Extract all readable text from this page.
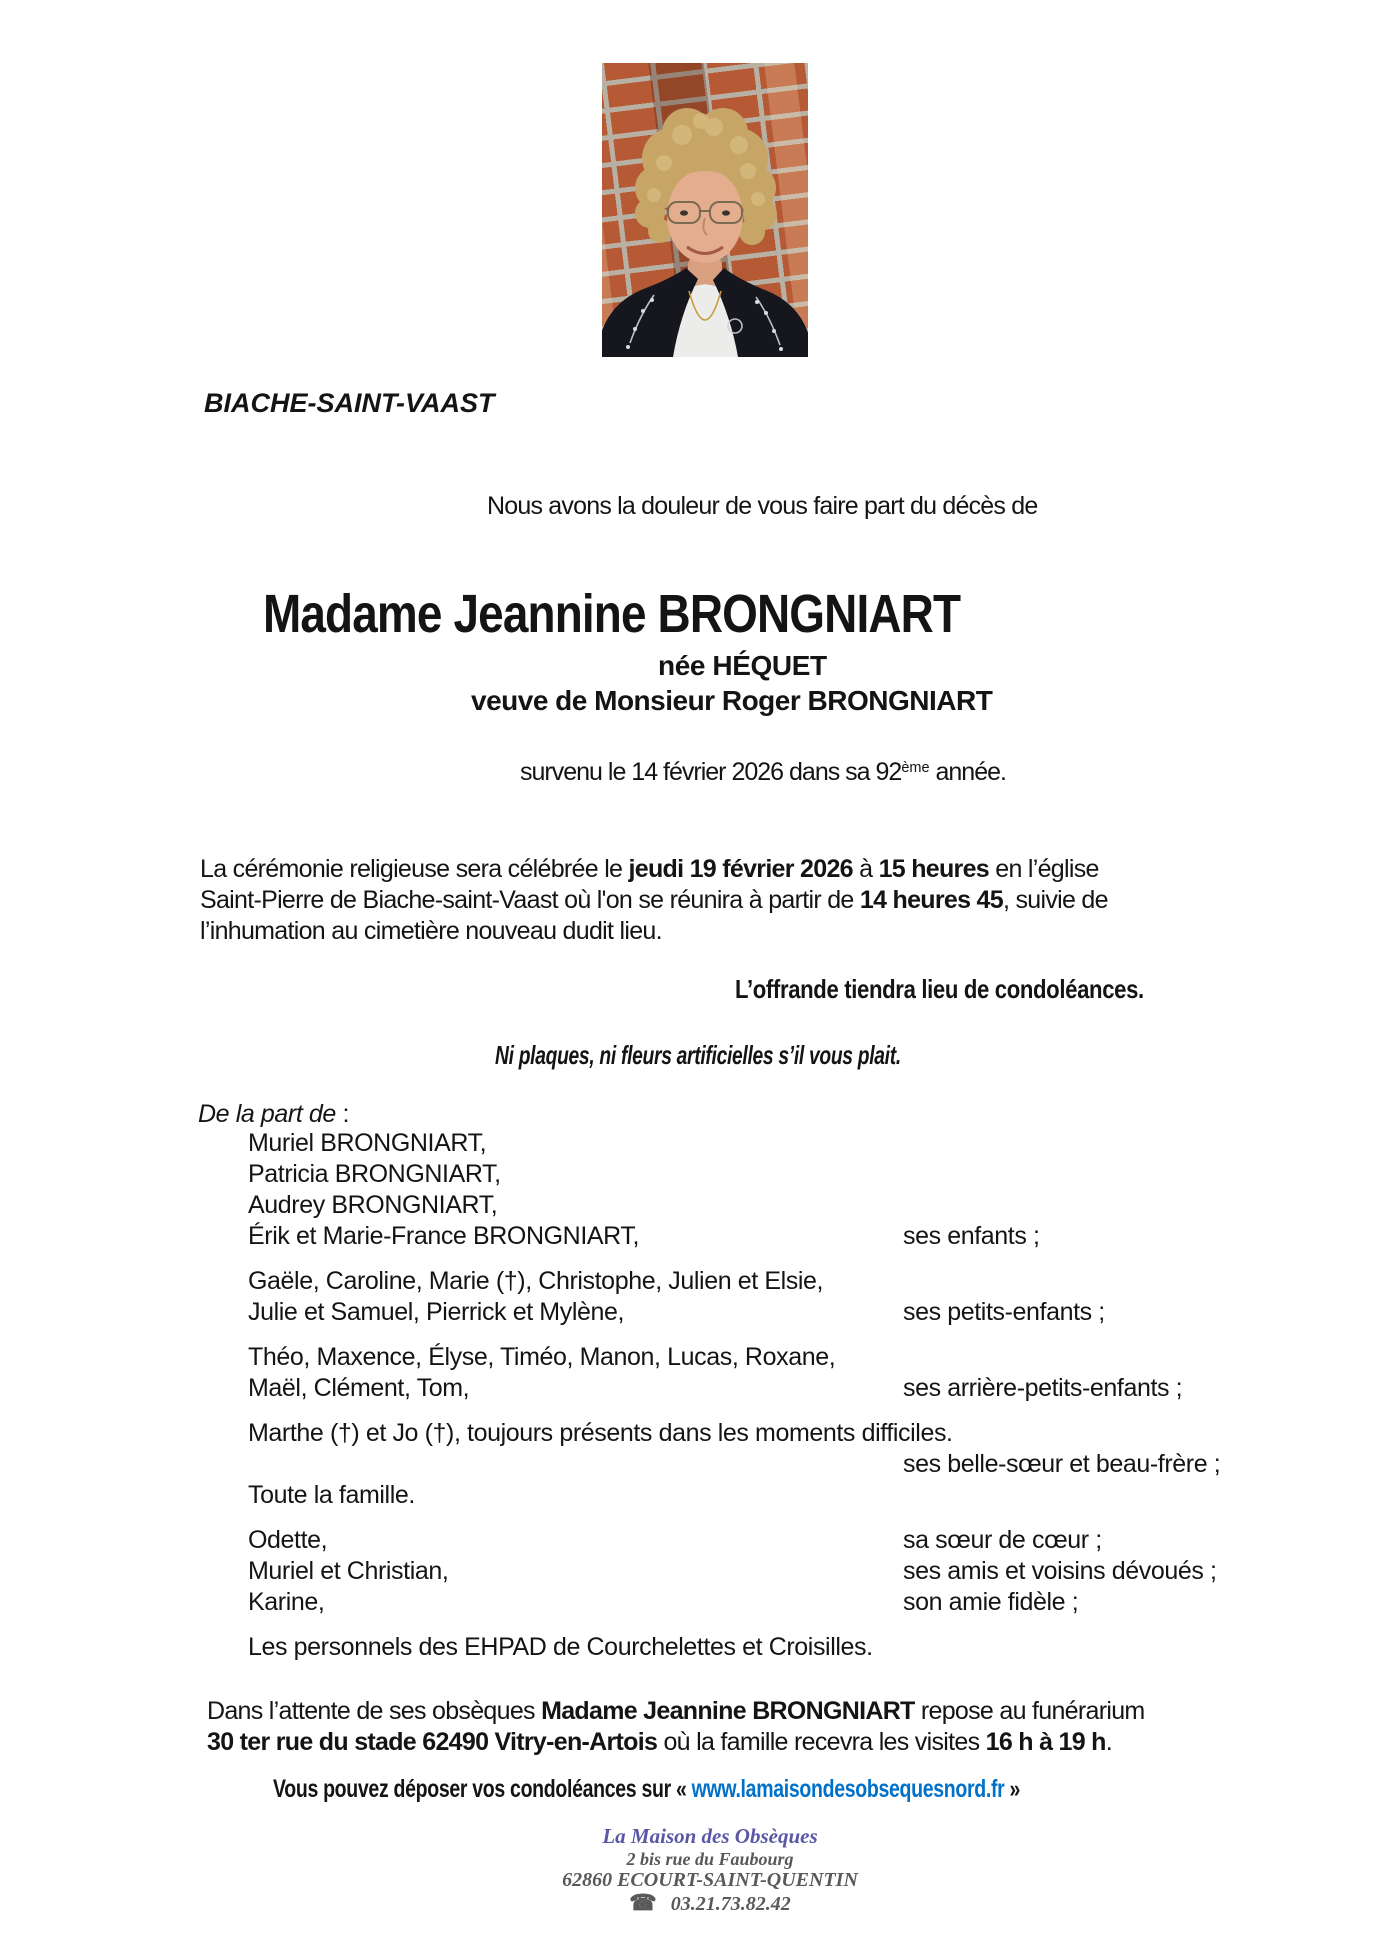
BIACHE-SAINT-VAAST
Nous avons la douleur de vous faire part du décès de
Madame Jeannine BRONGNIART
née HÉQUET
veuve de Monsieur Roger BRONGNIART
survenu le 14 février 2026 dans sa 92ème année.
La cérémonie religieuse sera célébrée le jeudi 19 février 2026 à 15 heures en l’église
Saint-Pierre de Biache-saint-Vaast où l'on se réunira à partir de 14 heures 45, suivie de
l’inhumation au cimetière nouveau dudit lieu.
L’offrande tiendra lieu de condoléances.
Ni plaques, ni fleurs artificielles s’il vous plait.
De la part de :
Muriel BRONGNIART,
Patricia BRONGNIART,
Audrey BRONGNIART,
Érik et Marie-France BRONGNIART,	ses enfants ;
Gaële, Caroline, Marie (†), Christophe, Julien et Elsie,
Julie et Samuel, Pierrick et Mylène,	ses petits-enfants ;
Théo, Maxence, Élyse, Timéo, Manon, Lucas, Roxane,
Maël, Clément, Tom,	ses arrière-petits-enfants ;
Marthe (†) et Jo (†), toujours présents dans les moments difficiles.
ses belle-sœur et beau-frère ;
Toute la famille.
Odette,	sa sœur de cœur ;
Muriel et Christian,	ses amis et voisins dévoués ;
Karine,	son amie fidèle ;
Les personnels des EHPAD de Courchelettes et Croisilles.
Dans l’attente de ses obsèques Madame Jeannine BRONGNIART repose au funérarium
30 ter rue du stade 62490 Vitry-en-Artois où la famille recevra les visites 16 h à 19 h.
Vous pouvez déposer vos condoléances sur « www.lamaisondesobsequesnord.fr »
La Maison des Obsèques
2 bis rue du Faubourg
62860 ECOURT-SAINT-QUENTIN
☎ 03.21.73.82.42
